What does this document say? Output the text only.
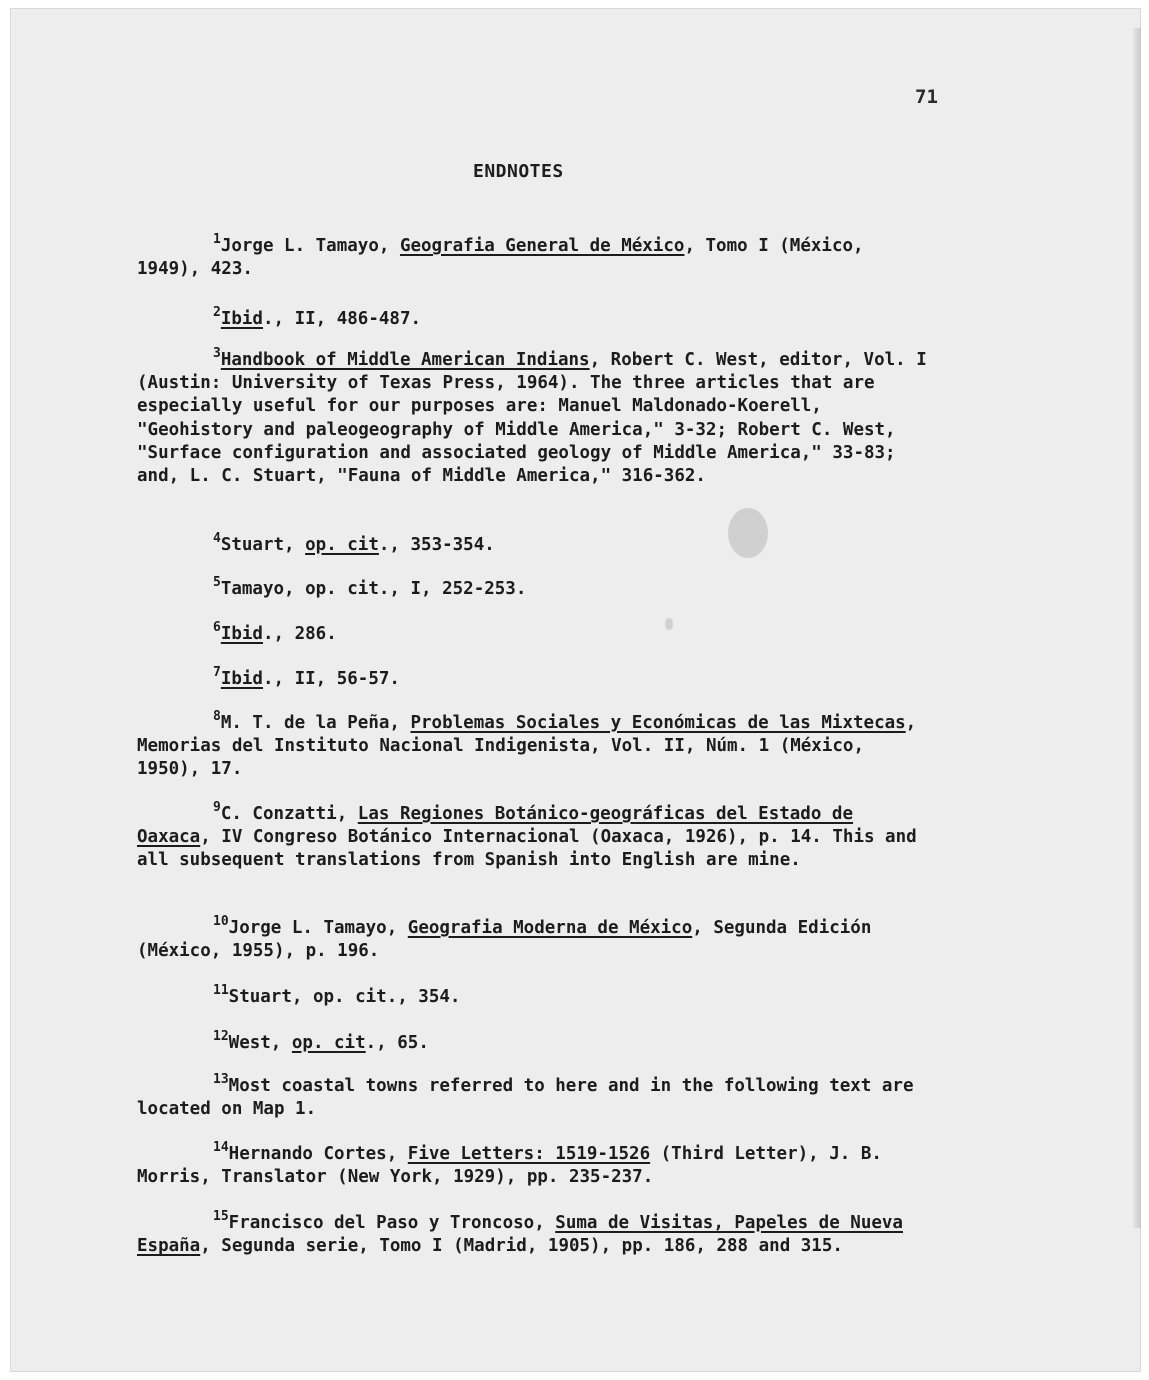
71
ENDNOTES
$^1$Jorge L. Tamayo, Geografia General de México, Tomo I (México, 1949), 423.
$^2$Ibid., II, 486-487.
$^3$Handbook of Middle American Indians, Robert C. West, editor, Vol. I (Austin: University of Texas Press, 1964). The three articles that are especially useful for our purposes are: Manuel Maldonado-Koerell, "Geohistory and paleogeography of Middle America," 3-32; Robert C. West, "Surface configuration and associated geology of Middle America," 33-83; and, L. C. Stuart, "Fauna of Middle America," 316-362.
$^4$Stuart, op. cit., 353-354.
$^5$Tamayo, op. cit., I, 252-253.
$^6$Ibid., 286.
$^7$Ibid., II, 56-57.
$^8$M. T. de la Peña, Problemas Sociales y Económicas de las Mixtecas, Memorias del Instituto Nacional Indigenista, Vol. II, Núm. 1 (México, 1950), 17.
$^9$C. Conzatti, Las Regiones Botánico-geográficas del Estado de Oaxaca, IV Congreso Botánico Internacional (Oaxaca, 1926), p. 14. This and all subsequent translations from Spanish into English are mine.
$^{10}$Jorge L. Tamayo, Geografia Moderna de México, Segunda Edición (México, 1955), p. 196.
$^{11}$Stuart, op. cit., 354.
$^{12}$West, op. cit., 65.
$^{13}$Most coastal towns referred to here and in the following text are located on Map 1.
$^{14}$Hernando Cortes, Five Letters: 1519-1526 (Third Letter), J. B. Morris, Translator (New York, 1929), pp. 235-237.
$^{15}$Francisco del Paso y Troncoso, Suma de Visitas, Papeles de Nueva España, Segunda serie, Tomo I (Madrid, 1905), pp. 186, 288 and 315.
